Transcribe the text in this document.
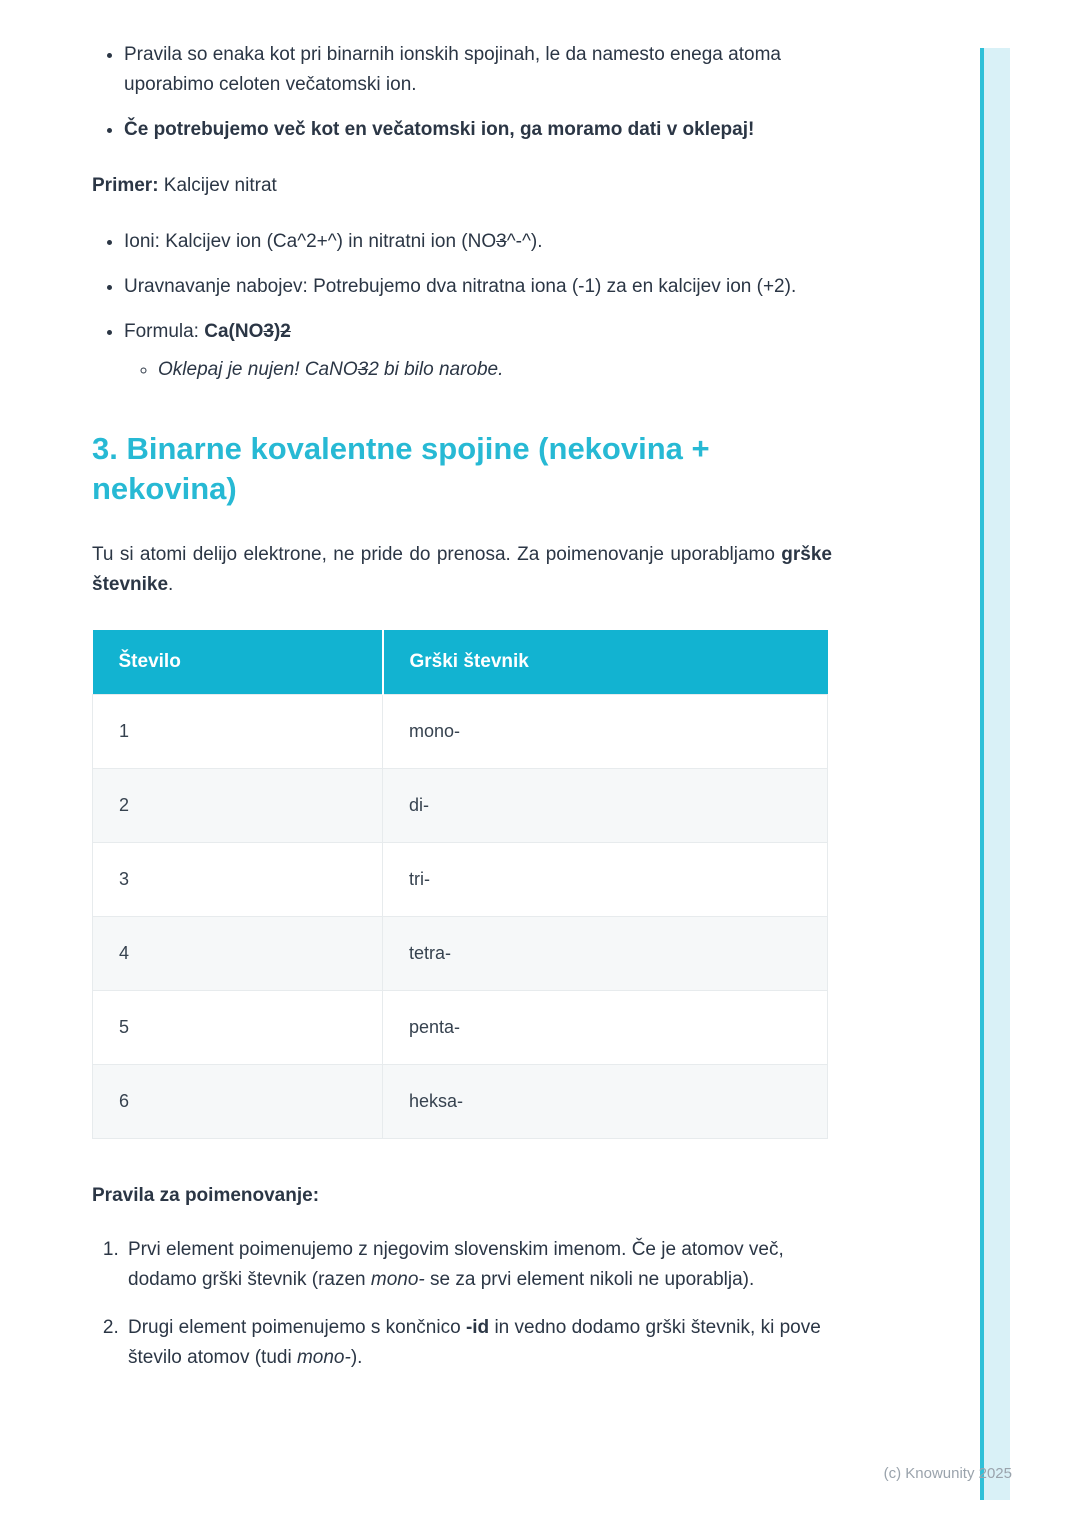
• Pravila so enaka kot pri binarnih ionskih spojinah, le da namesto enega atoma uporabimo celoten večatomski ion.
• Če potrebujemo več kot en večatomski ion, ga moramo dati v oklepaj!

Primer: Kalcijev nitrat

• Ioni: Kalcijev ion (Ca^2+^) in nitratni ion (NO3^-^).
• Uravnavanje nabojev: Potrebujemo dva nitratna iona (-1) za en kalcijev ion (+2).
• Formula: Ca(NO3)2
◦ Oklepaj je nujen! CaNO32 bi bilo narobe.
3. Binarne kovalentne spojine (nekovina + nekovina)

Tu si atomi delijo elektrone, ne pride do prenosa. Za poimenovanje uporabljamo grške števnike.

Število	Grški števnik
1	mono-
2	di-
3	tri-
4	tetra-
5	penta-
6	heksa-

Pravila za poimenovanje:

1. Prvi element poimenujemo z njegovim slovenskim imenom. Če je atomov več, dodamo grški števnik (razen mono- se za prvi element nikoli ne uporablja).
2. Drugi element poimenujemo s končnico -id in vedno dodamo grški števnik, ki pove število atomov (tudi mono-).
(c) Knowunity 2025
